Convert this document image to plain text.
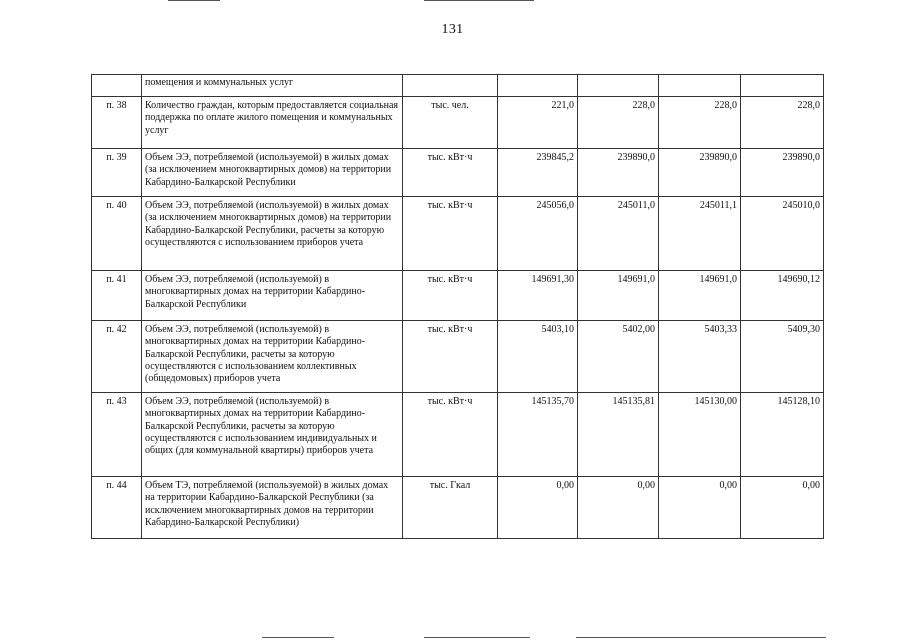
131
	помещения и коммунальных услуг					
п. 38	Количество граждан, которым предоставляется социальная поддержка по оплате жилого помещения и коммунальных услуг	тыс. чел.	221,0	228,0	228,0	228,0
п. 39	Объем ЭЭ, потребляемой (используемой) в жилых домах (за исключением многоквартирных домов) на территории Кабардино-Балкарской Республики	тыс. кВт·ч	239845,2	239890,0	239890,0	239890,0
п. 40	Объем ЭЭ, потребляемой (используемой) в жилых домах (за исключением многоквартирных домов) на территории Кабардино-Балкарской Республики, расчеты за которую осуществляются с использованием приборов учета	тыс. кВт·ч	245056,0	245011,0	245011,1	245010,0
п. 41	Объем ЭЭ, потребляемой (используемой) в многоквартирных домах на территории Кабардино-Балкарской Республики	тыс. кВт·ч	149691,30	149691,0	149691,0	149690,12
п. 42	Объем ЭЭ, потребляемой (используемой) в многоквартирных домах на территории Кабардино-Балкарской Республики, расчеты за которую осуществляются с использованием коллективных (общедомовых) приборов учета	тыс. кВт·ч	5403,10	5402,00	5403,33	5409,30
п. 43	Объем ЭЭ, потребляемой (используемой) в многоквартирных домах на территории Кабардино-Балкарской Республики, расчеты за которую осуществляются с использованием индивидуальных и общих (для коммунальной квартиры) приборов учета	тыс. кВт·ч	145135,70	145135,81	145130,00	145128,10
п. 44	Объем ТЭ, потребляемой (используемой) в жилых домах на территории Кабардино-Балкарской Республики (за исключением многоквартирных домов на территории Кабардино-Балкарской Республики)	тыс. Гкал	0,00	0,00	0,00	0,00
